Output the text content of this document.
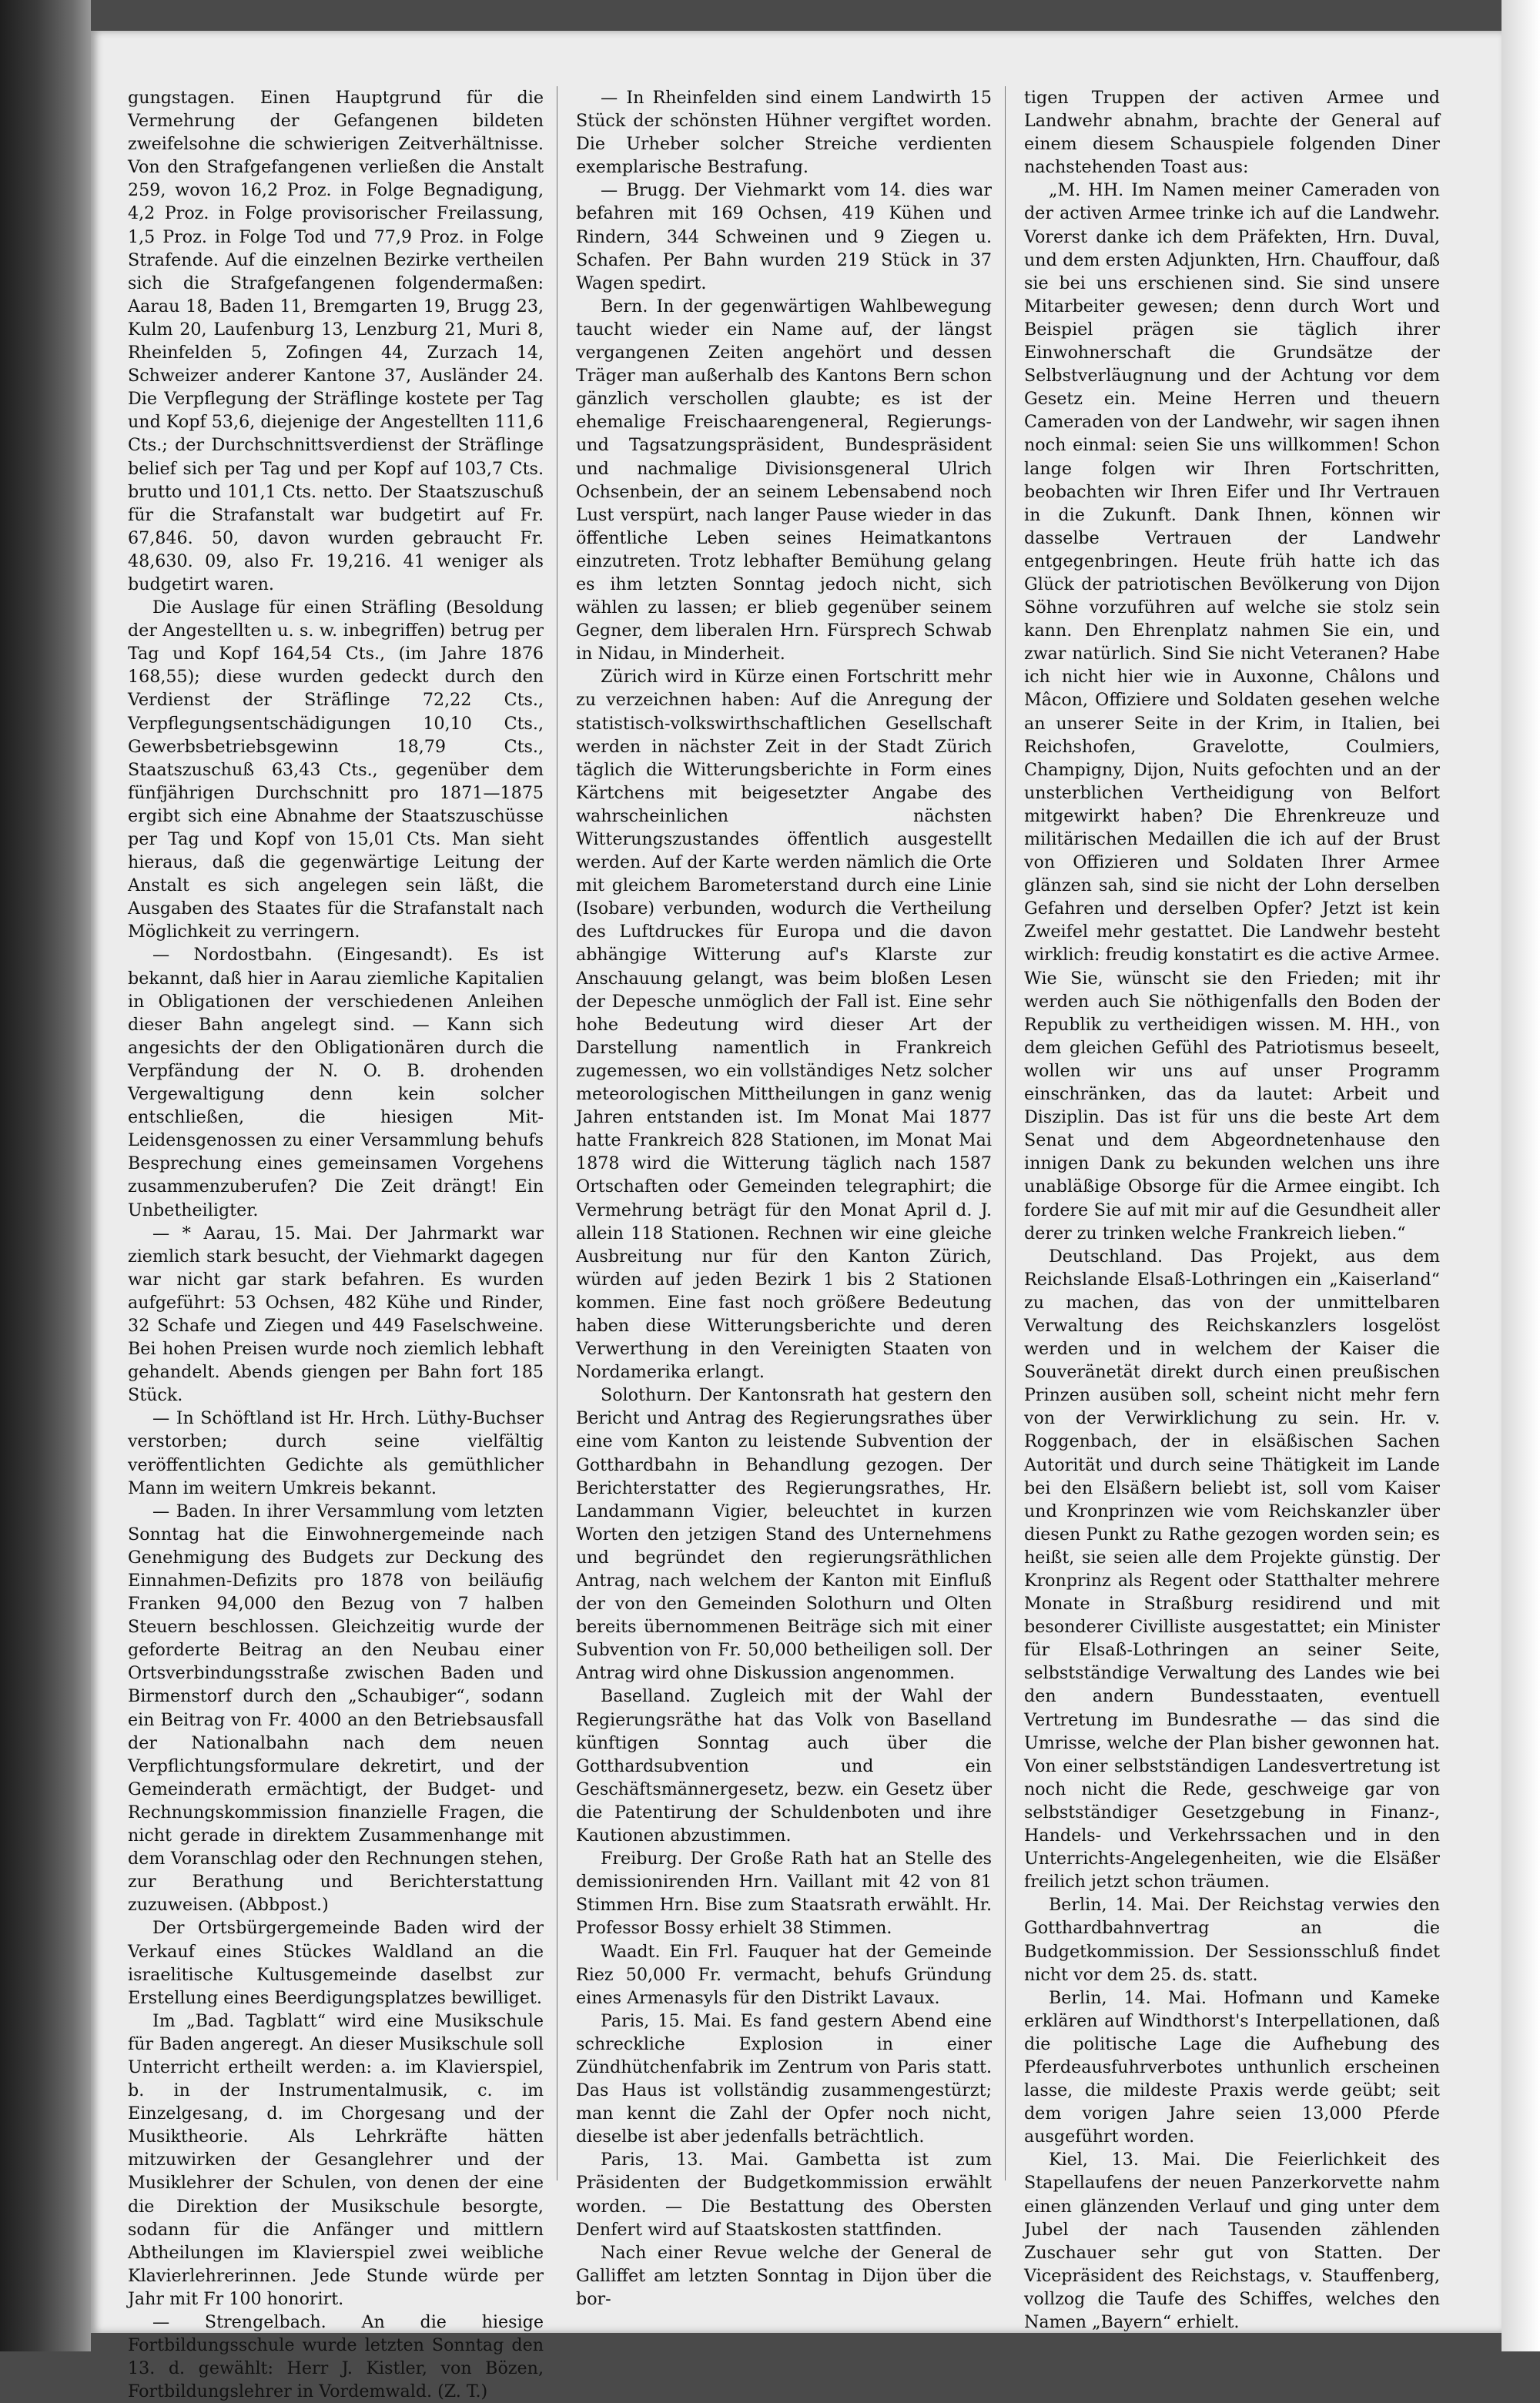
gungstagen. Einen Hauptgrund für die Vermehrung der Gefangenen bildeten zweifelsohne die schwierigen Zeitverhältnisse. Von den Strafgefangenen verließen die Anstalt 259, wovon 16,2 Proz. in Folge Begnadigung, 4,2 Proz. in Folge provisorischer Freilassung, 1,5 Proz. in Folge Tod und 77,9 Proz. in Folge Strafende. Auf die einzelnen Bezirke vertheilen sich die Strafgefangenen folgendermaßen: Aarau 18, Baden 11, Bremgarten 19, Brugg 23, Kulm 20, Laufenburg 13, Lenzburg 21, Muri 8, Rheinfelden 5, Zofingen 44, Zurzach 14, Schweizer anderer Kantone 37, Ausländer 24. Die Verpflegung der Sträflinge kostete per Tag und Kopf 53,6, diejenige der Angestellten 111,6 Cts.; der Durchschnittsverdienst der Sträflinge belief sich per Tag und per Kopf auf 103,7 Cts. brutto und 101,1 Cts. netto. Der Staatszuschuß für die Strafanstalt war budgetirt auf Fr. 67,846. 50, davon wurden gebraucht Fr. 48,630. 09, also Fr. 19,216. 41 weniger als budgetirt waren.

Die Auslage für einen Sträfling (Besoldung der Angestellten u. s. w. inbegriffen) betrug per Tag und Kopf 164,54 Cts., (im Jahre 1876 168,55); diese wurden gedeckt durch den Verdienst der Sträflinge 72,22 Cts., Verpflegungsentschädigungen 10,10 Cts., Gewerbsbetriebsgewinn 18,79 Cts., Staatszuschuß 63,43 Cts., gegenüber dem fünfjährigen Durchschnitt pro 1871—1875 ergibt sich eine Abnahme der Staatszuschüsse per Tag und Kopf von 15,01 Cts. Man sieht hieraus, daß die gegenwärtige Leitung der Anstalt es sich angelegen sein läßt, die Ausgaben des Staates für die Strafanstalt nach Möglichkeit zu verringern.

— Nordostbahn. (Eingesandt). Es ist bekannt, daß hier in Aarau ziemliche Kapitalien in Obligationen der verschiedenen Anleihen dieser Bahn angelegt sind. — Kann sich angesichts der den Obligationären durch die Verpfändung der N. O. B. drohenden Vergewaltigung denn kein solcher entschließen, die hiesigen Mit-Leidensgenossen zu einer Versammlung behufs Besprechung eines gemeinsamen Vorgehens zusammenzuberufen? Die Zeit drängt! Ein Unbetheiligter.

— * Aarau, 15. Mai. Der Jahrmarkt war ziemlich stark besucht, der Viehmarkt dagegen war nicht gar stark befahren. Es wurden aufgeführt: 53 Ochsen, 482 Kühe und Rinder, 32 Schafe und Ziegen und 449 Faselschweine. Bei hohen Preisen wurde noch ziemlich lebhaft gehandelt. Abends giengen per Bahn fort 185 Stück.

— In Schöftland ist Hr. Hrch. Lüthy-Buchser verstorben; durch seine vielfältig veröffentlichten Gedichte als gemüthlicher Mann im weitern Umkreis bekannt.

— Baden. In ihrer Versammlung vom letzten Sonntag hat die Einwohnergemeinde nach Genehmigung des Budgets zur Deckung des Einnahmen-Defizits pro 1878 von beiläufig Franken 94,000 den Bezug von 7 halben Steuern beschlossen. Gleichzeitig wurde der geforderte Beitrag an den Neubau einer Ortsverbindungsstraße zwischen Baden und Birmenstorf durch den „Schaubiger“, sodann ein Beitrag von Fr. 4000 an den Betriebsausfall der Nationalbahn nach dem neuen Verpflichtungsformulare dekretirt, und der Gemeinderath ermächtigt, der Budget- und Rechnungskommission finanzielle Fragen, die nicht gerade in direktem Zusammenhange mit dem Voranschlag oder den Rechnungen stehen, zur Berathung und Berichterstattung zuzuweisen. (Abbpost.)

Der Ortsbürgergemeinde Baden wird der Verkauf eines Stückes Waldland an die israelitische Kultusgemeinde daselbst zur Erstellung eines Beerdigungsplatzes bewilliget.

Im „Bad. Tagblatt“ wird eine Musikschule für Baden angeregt. An dieser Musikschule soll Unterricht ertheilt werden: a. im Klavierspiel, b. in der Instrumentalmusik, c. im Einzelgesang, d. im Chorgesang und der Musiktheorie. Als Lehrkräfte hätten mitzuwirken der Gesanglehrer und der Musiklehrer der Schulen, von denen der eine die Direktion der Musikschule besorgte, sodann für die Anfänger und mittlern Abtheilungen im Klavierspiel zwei weibliche Klavierlehrerinnen. Jede Stunde würde per Jahr mit Fr 100 honorirt.

— Strengelbach. An die hiesige Fortbildungsschule wurde letzten Sonntag den 13. d. gewählt: Herr J. Kistler, von Bözen, Fortbildungslehrer in Vordemwald. (Z. T.)

— In Rheinfelden sind einem Landwirth 15 Stück der schönsten Hühner vergiftet worden. Die Urheber solcher Streiche verdienten exemplarische Bestrafung.

— Brugg. Der Viehmarkt vom 14. dies war befahren mit 169 Ochsen, 419 Kühen und Rindern, 344 Schweinen und 9 Ziegen u. Schafen. Per Bahn wurden 219 Stück in 37 Wagen spedirt.

Bern. In der gegenwärtigen Wahlbewegung taucht wieder ein Name auf, der längst vergangenen Zeiten angehört und dessen Träger man außerhalb des Kantons Bern schon gänzlich verschollen glaubte; es ist der ehemalige Freischaarengeneral, Regierungs- und Tagsatzungspräsident, Bundespräsident und nachmalige Divisionsgeneral Ulrich Ochsenbein, der an seinem Lebensabend noch Lust verspürt, nach langer Pause wieder in das öffentliche Leben seines Heimatkantons einzutreten. Trotz lebhafter Bemühung gelang es ihm letzten Sonntag jedoch nicht, sich wählen zu lassen; er blieb gegenüber seinem Gegner, dem liberalen Hrn. Fürsprech Schwab in Nidau, in Minderheit.

Zürich wird in Kürze einen Fortschritt mehr zu verzeichnen haben: Auf die Anregung der statistisch-volkswirthschaftlichen Gesellschaft werden in nächster Zeit in der Stadt Zürich täglich die Witterungsberichte in Form eines Kärtchens mit beigesetzter Angabe des wahrscheinlichen nächsten Witterungszustandes öffentlich ausgestellt werden. Auf der Karte werden nämlich die Orte mit gleichem Barometerstand durch eine Linie (Isobare) verbunden, wodurch die Vertheilung des Luftdruckes für Europa und die davon abhängige Witterung auf's Klarste zur Anschauung gelangt, was beim bloßen Lesen der Depesche unmöglich der Fall ist. Eine sehr hohe Bedeutung wird dieser Art der Darstellung namentlich in Frankreich zugemessen, wo ein vollständiges Netz solcher meteorologischen Mittheilungen in ganz wenig Jahren entstanden ist. Im Monat Mai 1877 hatte Frankreich 828 Stationen, im Monat Mai 1878 wird die Witterung täglich nach 1587 Ortschaften oder Gemeinden telegraphirt; die Vermehrung beträgt für den Monat April d. J. allein 118 Stationen. Rechnen wir eine gleiche Ausbreitung nur für den Kanton Zürich, würden auf jeden Bezirk 1 bis 2 Stationen kommen. Eine fast noch größere Bedeutung haben diese Witterungsberichte und deren Verwerthung in den Vereinigten Staaten von Nordamerika erlangt.

Solothurn. Der Kantonsrath hat gestern den Bericht und Antrag des Regierungsrathes über eine vom Kanton zu leistende Subvention der Gotthardbahn in Behandlung gezogen. Der Berichterstatter des Regierungsrathes, Hr. Landammann Vigier, beleuchtet in kurzen Worten den jetzigen Stand des Unternehmens und begründet den regierungsräthlichen Antrag, nach welchem der Kanton mit Einfluß der von den Gemeinden Solothurn und Olten bereits übernommenen Beiträge sich mit einer Subvention von Fr. 50,000 betheiligen soll. Der Antrag wird ohne Diskussion angenommen.

Baselland. Zugleich mit der Wahl der Regierungsräthe hat das Volk von Baselland künftigen Sonntag auch über die Gotthardsubvention und ein Geschäftsmännergesetz, bezw. ein Gesetz über die Patentirung der Schuldenboten und ihre Kautionen abzustimmen.

Freiburg. Der Große Rath hat an Stelle des demissionirenden Hrn. Vaillant mit 42 von 81 Stimmen Hrn. Bise zum Staatsrath erwählt. Hr. Professor Bossy erhielt 38 Stimmen.

Waadt. Ein Frl. Fauquer hat der Gemeinde Riez 50,000 Fr. vermacht, behufs Gründung eines Armenasyls für den Distrikt Lavaux.

Paris, 15. Mai. Es fand gestern Abend eine schreckliche Explosion in einer Zündhütchenfabrik im Zentrum von Paris statt. Das Haus ist vollständig zusammengestürzt; man kennt die Zahl der Opfer noch nicht, dieselbe ist aber jedenfalls beträchtlich.

Paris, 13. Mai. Gambetta ist zum Präsidenten der Budgetkommission erwählt worden. — Die Bestattung des Obersten Denfert wird auf Staatskosten stattfinden.

Nach einer Revue welche der General de Galliffet am letzten Sonntag in Dijon über die bor-

tigen Truppen der activen Armee und Landwehr abnahm, brachte der General auf einem diesem Schauspiele folgenden Diner nachstehenden Toast aus:

„M. HH. Im Namen meiner Cameraden von der activen Armee trinke ich auf die Landwehr. Vorerst danke ich dem Präfekten, Hrn. Duval, und dem ersten Adjunkten, Hrn. Chauffour, daß sie bei uns erschienen sind. Sie sind unsere Mitarbeiter gewesen; denn durch Wort und Beispiel prägen sie täglich ihrer Einwohnerschaft die Grundsätze der Selbstverläugnung und der Achtung vor dem Gesetz ein. Meine Herren und theuern Cameraden von der Landwehr, wir sagen ihnen noch einmal: seien Sie uns willkommen! Schon lange folgen wir Ihren Fortschritten, beobachten wir Ihren Eifer und Ihr Vertrauen in die Zukunft. Dank Ihnen, können wir dasselbe Vertrauen der Landwehr entgegenbringen. Heute früh hatte ich das Glück der patriotischen Bevölkerung von Dijon Söhne vorzuführen auf welche sie stolz sein kann. Den Ehrenplatz nahmen Sie ein, und zwar natürlich. Sind Sie nicht Veteranen? Habe ich nicht hier wie in Auxonne, Châlons und Mâcon, Offiziere und Soldaten gesehen welche an unserer Seite in der Krim, in Italien, bei Reichshofen, Gravelotte, Coulmiers, Champigny, Dijon, Nuits gefochten und an der unsterblichen Vertheidigung von Belfort mitgewirkt haben? Die Ehrenkreuze und militärischen Medaillen die ich auf der Brust von Offizieren und Soldaten Ihrer Armee glänzen sah, sind sie nicht der Lohn derselben Gefahren und derselben Opfer? Jetzt ist kein Zweifel mehr gestattet. Die Landwehr besteht wirklich: freudig konstatirt es die active Armee. Wie Sie, wünscht sie den Frieden; mit ihr werden auch Sie nöthigenfalls den Boden der Republik zu vertheidigen wissen. M. HH., von dem gleichen Gefühl des Patriotismus beseelt, wollen wir uns auf unser Programm einschränken, das da lautet: Arbeit und Disziplin. Das ist für uns die beste Art dem Senat und dem Abgeordnetenhause den innigen Dank zu bekunden welchen uns ihre unabläßige Obsorge für die Armee eingibt. Ich fordere Sie auf mit mir auf die Gesundheit aller derer zu trinken welche Frankreich lieben.“

Deutschland. Das Projekt, aus dem Reichslande Elsaß-Lothringen ein „Kaiserland“ zu machen, das von der unmittelbaren Verwaltung des Reichskanzlers losgelöst werden und in welchem der Kaiser die Souveränetät direkt durch einen preußischen Prinzen ausüben soll, scheint nicht mehr fern von der Verwirklichung zu sein. Hr. v. Roggenbach, der in elsäßischen Sachen Autorität und durch seine Thätigkeit im Lande bei den Elsäßern beliebt ist, soll vom Kaiser und Kronprinzen wie vom Reichskanzler über diesen Punkt zu Rathe gezogen worden sein; es heißt, sie seien alle dem Projekte günstig. Der Kronprinz als Regent oder Statthalter mehrere Monate in Straßburg residirend und mit besonderer Civilliste ausgestattet; ein Minister für Elsaß-Lothringen an seiner Seite, selbstständige Verwaltung des Landes wie bei den andern Bundesstaaten, eventuell Vertretung im Bundesrathe — das sind die Umrisse, welche der Plan bisher gewonnen hat. Von einer selbstständigen Landesvertretung ist noch nicht die Rede, geschweige gar von selbstständiger Gesetzgebung in Finanz-, Handels- und Verkehrssachen und in den Unterrichts-Angelegenheiten, wie die Elsäßer freilich jetzt schon träumen.

Berlin, 14. Mai. Der Reichstag verwies den Gotthardbahnvertrag an die Budgetkommission. Der Sessionsschluß findet nicht vor dem 25. ds. statt.

Berlin, 14. Mai. Hofmann und Kameke erklären auf Windthorst's Interpellationen, daß die politische Lage die Aufhebung des Pferdeausfuhrverbotes unthunlich erscheinen lasse, die mildeste Praxis werde geübt; seit dem vorigen Jahre seien 13,000 Pferde ausgeführt worden.

Kiel, 13. Mai. Die Feierlichkeit des Stapellaufens der neuen Panzerkorvette nahm einen glänzenden Verlauf und ging unter dem Jubel der nach Tausenden zählenden Zuschauer sehr gut von Statten. Der Vicepräsident des Reichstags, v. Stauffenberg, vollzog die Taufe des Schiffes, welches den Namen „Bayern“ erhielt.
